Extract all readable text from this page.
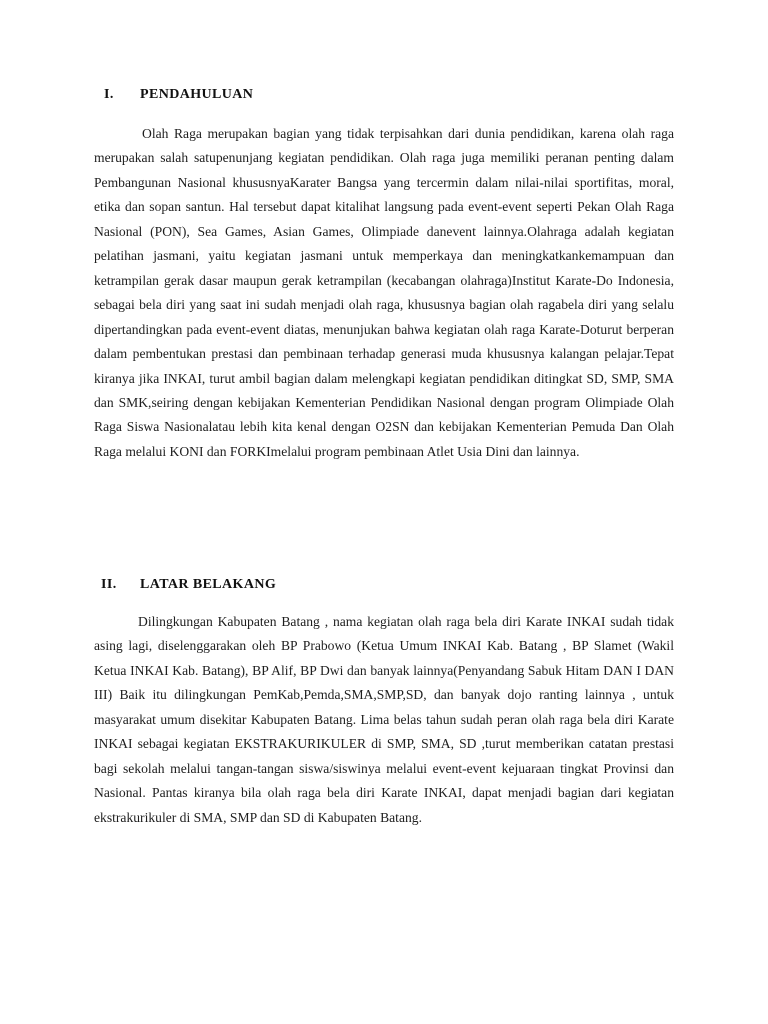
I. PENDAHULUAN

Olah Raga merupakan bagian yang tidak terpisahkan dari dunia pendidikan, karena olah raga merupakan salah satupenunjang kegiatan pendidikan. Olah raga juga memiliki peranan penting dalam Pembangunan Nasional khususnyaKarater Bangsa yang tercermin dalam nilai-nilai sportifitas, moral, etika dan sopan santun. Hal tersebut dapat kitalihat langsung pada event-event seperti Pekan Olah Raga Nasional (PON), Sea Games, Asian Games, Olimpiade danevent lainnya.Olahraga adalah kegiatan pelatihan jasmani, yaitu kegiatan jasmani untuk memperkaya dan meningkatkankemampuan dan ketrampilan gerak dasar maupun gerak ketrampilan (kecabangan olahraga)Institut Karate-Do Indonesia, sebagai bela diri yang saat ini sudah menjadi olah raga, khususnya bagian olah ragabela diri yang selalu dipertandingkan pada event-event diatas, menunjukan bahwa kegiatan olah raga Karate-Doturut berperan dalam pembentukan prestasi dan pembinaan terhadap generasi muda khususnya kalangan pelajar.Tepat kiranya jika INKAI, turut ambil bagian dalam melengkapi kegiatan pendidikan ditingkat SD, SMP, SMA dan SMK,seiring dengan kebijakan Kementerian Pendidikan Nasional dengan program Olimpiade Olah Raga Siswa Nasionalatau lebih kita kenal dengan O2SN dan kebijakan Kementerian Pemuda Dan Olah Raga melalui KONI dan FORKImelalui program pembinaan Atlet Usia Dini dan lainnya.

II. LATAR BELAKANG

Dilingkungan Kabupaten Batang , nama kegiatan olah raga bela diri Karate INKAI sudah tidak asing lagi, diselenggarakan oleh BP Prabowo (Ketua Umum INKAI Kab. Batang , BP Slamet (Wakil Ketua INKAI Kab. Batang), BP Alif, BP Dwi dan banyak lainnya(Penyandang Sabuk Hitam DAN I DAN III) Baik itu dilingkungan PemKab,Pemda,SMA,SMP,SD, dan banyak dojo ranting lainnya , untuk masyarakat umum disekitar Kabupaten Batang. Lima belas tahun sudah peran olah raga bela diri Karate INKAI sebagai kegiatan EKSTRAKURIKULER di SMP, SMA, SD ,turut memberikan catatan prestasi bagi sekolah melalui tangan-tangan siswa/siswinya melalui event-event kejuaraan tingkat Provinsi dan Nasional. Pantas kiranya bila olah raga bela diri Karate INKAI, dapat menjadi bagian dari kegiatan ekstrakurikuler di SMA, SMP dan SD di Kabupaten Batang.
